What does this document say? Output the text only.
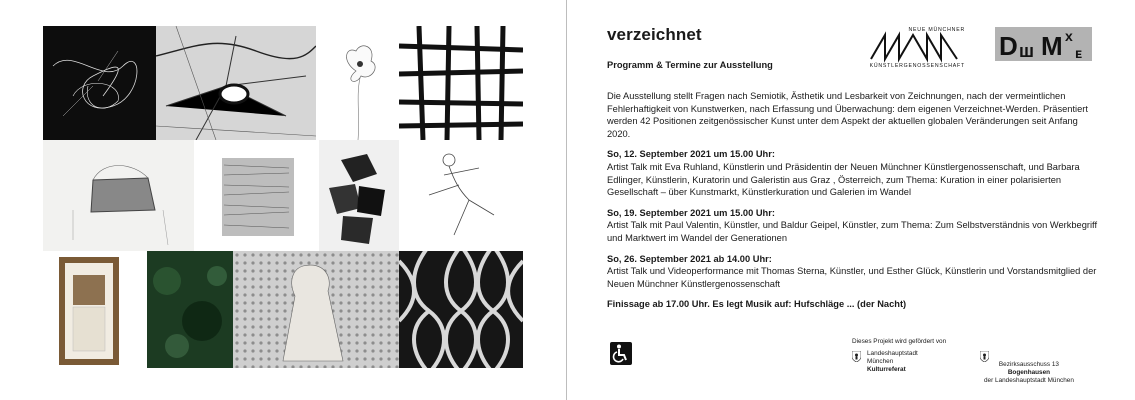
verzeichnet
Programm & Termine zur Ausstellung
NEUE MÜNCHNER
KÜNSTLERGENOSSENSCHAFT
D ш M x
ᴇ

Die Ausstellung stellt Fragen nach Semiotik, Ästhetik und Lesbarkeit von Zeichnungen, nach der vermeintlichen Fehlerhaftigkeit von Kunstwerken, nach Erfassung und Überwachung: dem eigenen Verzeichnet-Werden. Präsentiert werden 42 Positionen zeitgenössischer Kunst unter dem Aspekt der aktuellen globalen Veränderungen seit Anfang 2020.

So, 12. September 2021 um 15.00 Uhr:
Artist Talk mit Eva Ruhland, Künstlerin und Präsidentin der Neuen Münchner Künstlergenossenschaft, und Barbara Edlinger, Künstlerin, Kuratorin und Galeristin aus Graz , Österreich, zum Thema: Kuration in einer polarisierten Gesellschaft – über Kunstmarkt, Künstlerkuration und Galerien im Wandel

So, 19. September 2021 um 15.00 Uhr:
Artist Talk mit Paul Valentin, Künstler, und Baldur Geipel, Künstler, zum Thema: Zum Selbstverständnis von Werkbegriff und Marktwert im Wandel der Generationen

So, 26. September 2021 ab 14.00 Uhr:
Artist Talk und Videoperformance mit Thomas Sterna, Künstler, und Esther Glück, Künstlerin und Vorstandsmitglied der Neuen Münchner Künstlergenossenschaft

Finissage ab 17.00 Uhr. Es legt Musik auf: Hufschläge ... (der Nacht)

Dieses Projekt wird gefördert von
Landeshauptstadt
München
Kulturreferat
Bezirksausschuss 13
Bogenhausen
der Landeshauptstadt München
